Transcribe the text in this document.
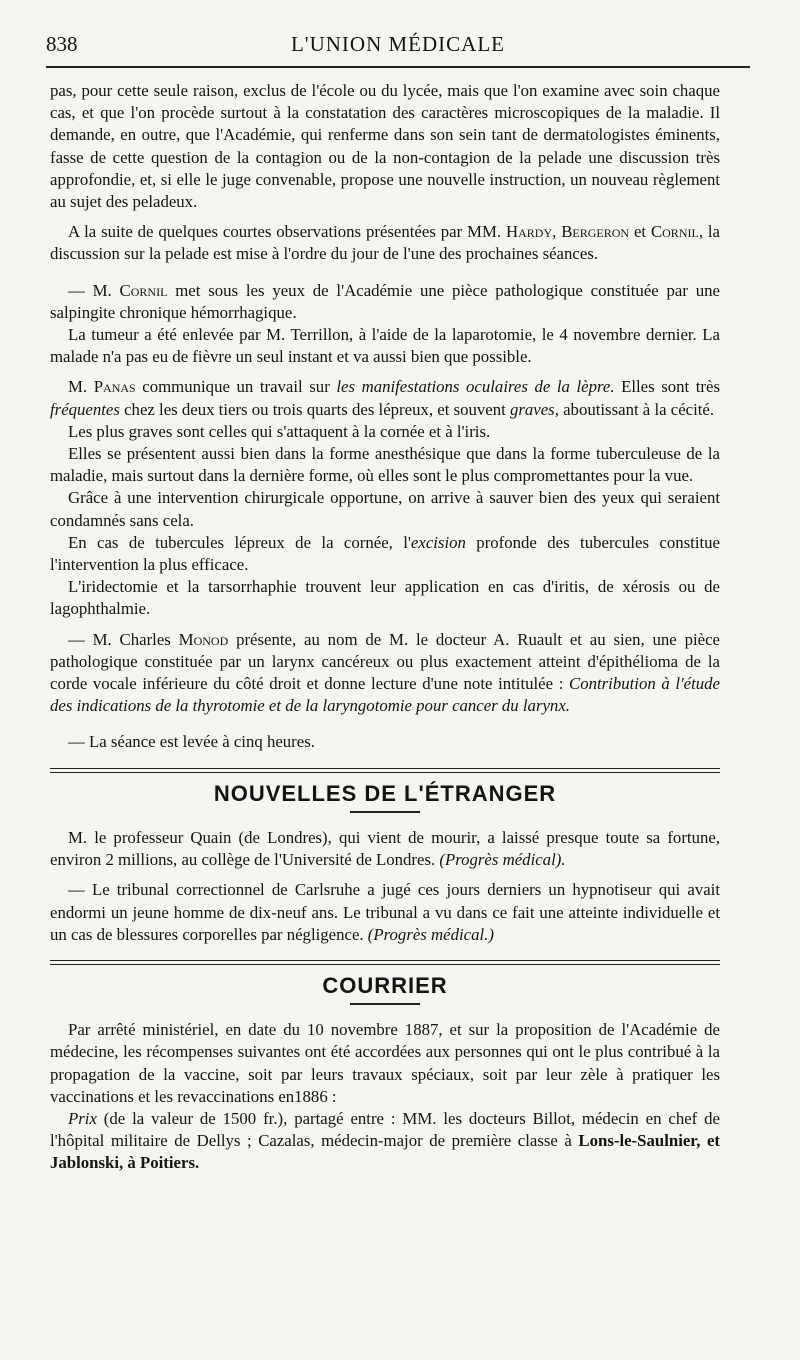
838	L'UNION MÉDICALE

pas, pour cette seule raison, exclus de l'école ou du lycée, mais que l'on examine avec soin chaque cas, et que l'on procède surtout à la constatation des caractères microscopiques de la maladie. Il demande, en outre, que l'Académie, qui renferme dans son sein tant de dermatologistes éminents, fasse de cette question de la contagion ou de la non-contagion de la pelade une discussion très approfondie, et, si elle le juge convenable, propose une nouvelle instruction, un nouveau règlement au sujet des peladeux.

A la suite de quelques courtes observations présentées par MM. Hardy, Bergeron et Cornil, la discussion sur la pelade est mise à l'ordre du jour de l'une des prochaines séances.

— M. Cornil met sous les yeux de l'Académie une pièce pathologique constituée par une salpingite chronique hémorrhagique.

La tumeur a été enlevée par M. Terrillon, à l'aide de la laparotomie, le 4 novembre dernier. La malade n'a pas eu de fièvre un seul instant et va aussi bien que possible.

M. Panas communique un travail sur les manifestations oculaires de la lèpre. Elles sont très fréquentes chez les deux tiers ou trois quarts des lépreux, et souvent graves, aboutissant à la cécité.

Les plus graves sont celles qui s'attaquent à la cornée et à l'iris.

Elles se présentent aussi bien dans la forme anesthésique que dans la forme tuberculeuse de la maladie, mais surtout dans la dernière forme, où elles sont le plus compromettantes pour la vue.

Grâce à une intervention chirurgicale opportune, on arrive à sauver bien des yeux qui seraient condamnés sans cela.

En cas de tubercules lépreux de la cornée, l'excision profonde des tubercules constitue l'intervention la plus efficace.

L'iridectomie et la tarsorrhaphie trouvent leur application en cas d'iritis, de xérosis ou de lagophthalmie.

— M. Charles Monod présente, au nom de M. le docteur A. Ruault et au sien, une pièce pathologique constituée par un larynx cancéreux ou plus exactement atteint d'épithélioma de la corde vocale inférieure du côté droit et donne lecture d'une note intitulée : Contribution à l'étude des indications de la thyrotomie et de la laryngotomie pour cancer du larynx.

— La séance est levée à cinq heures.

NOUVELLES DE L'ÉTRANGER

M. le professeur Quain (de Londres), qui vient de mourir, a laissé presque toute sa fortune, environ 2 millions, au collège de l'Université de Londres. (Progrès médical).

— Le tribunal correctionnel de Carlsruhe a jugé ces jours derniers un hypnotiseur qui avait endormi un jeune homme de dix-neuf ans. Le tribunal a vu dans ce fait une atteinte individuelle et un cas de blessures corporelles par négligence. (Progrès médical.)

COURRIER

Par arrêté ministériel, en date du 10 novembre 1887, et sur la proposition de l'Académie de médecine, les récompenses suivantes ont été accordées aux personnes qui ont le plus contribué à la propagation de la vaccine, soit par leurs travaux spéciaux, soit par leur zèle à pratiquer les vaccinations et les revaccinations en1886 :

Prix (de la valeur de 1500 fr.), partagé entre : MM. les docteurs Billot, médecin en chef de l'hôpital militaire de Dellys ; Cazalas, médecin-major de première classe à Lons-le-Saulnier, et Jablonski, à Poitiers.
